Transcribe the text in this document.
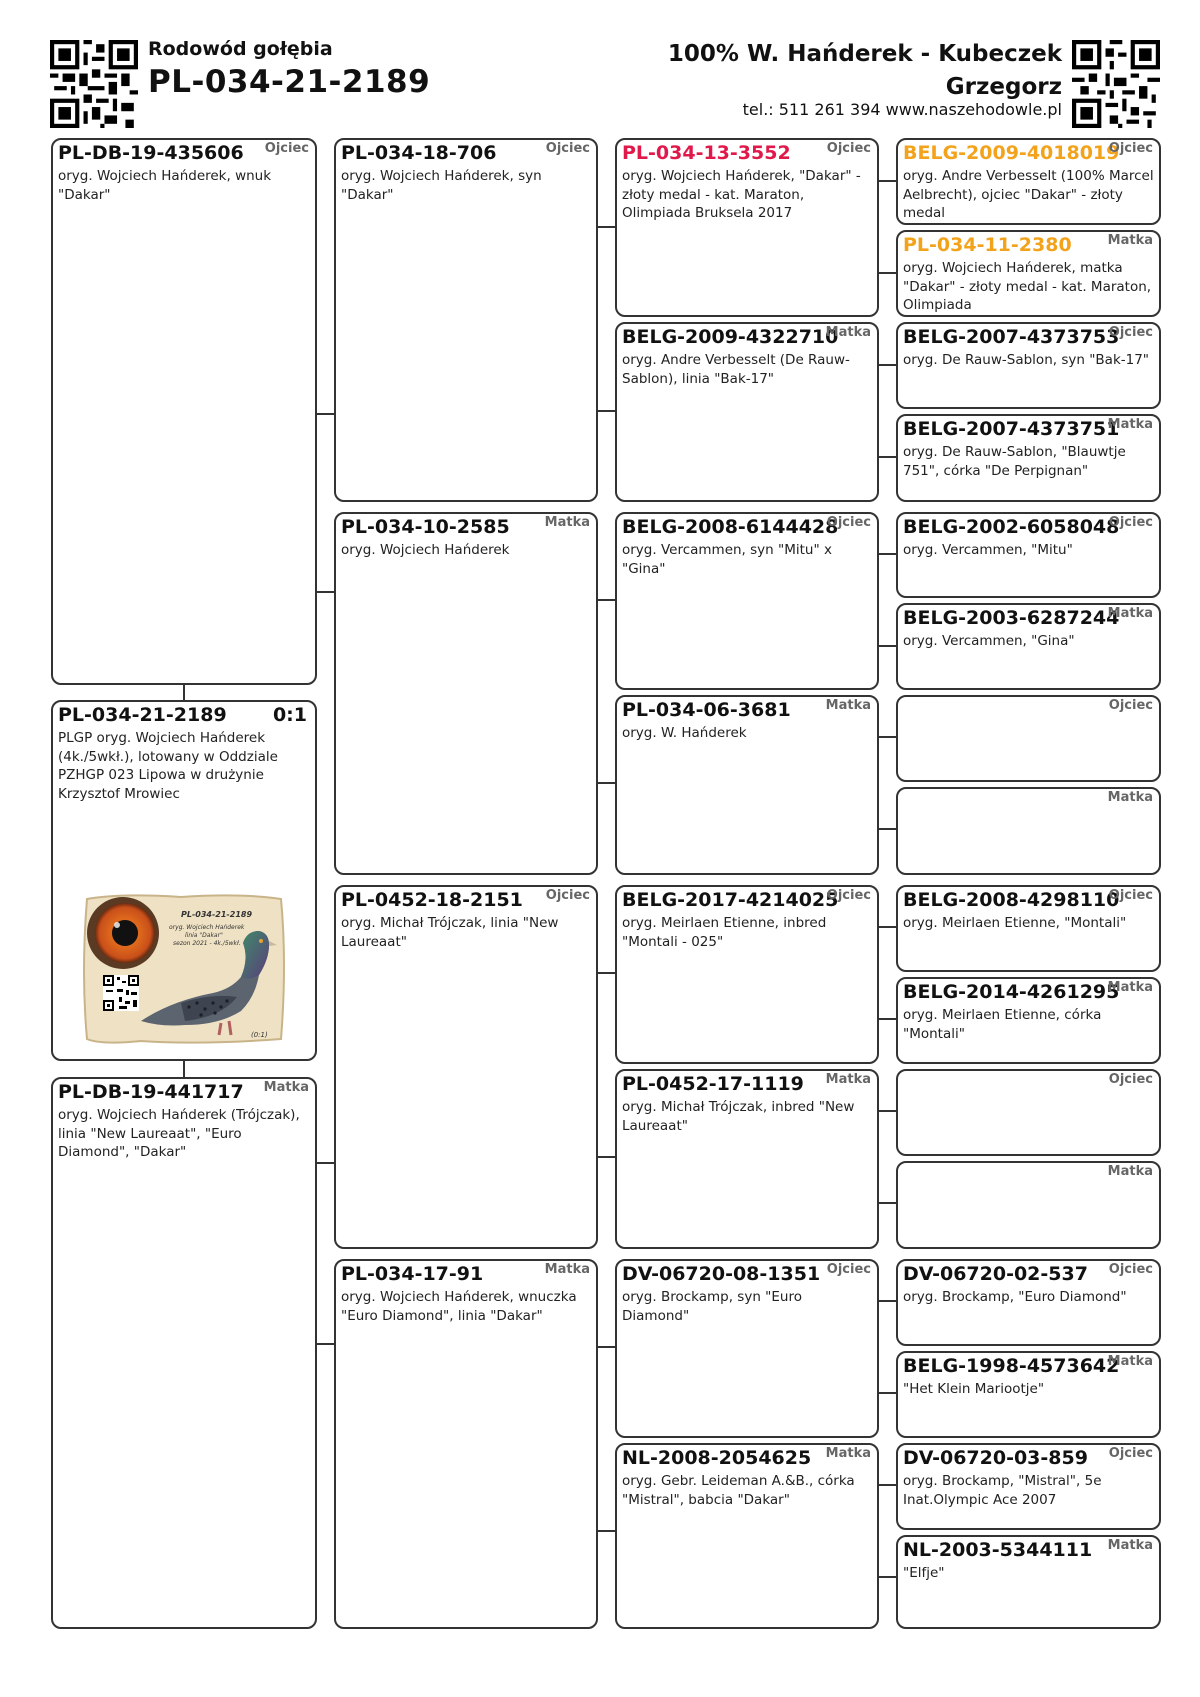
Rodowód gołębia
PL-034-21-2189
100% W. Hańderek - Kubeczek
Grzegorz
tel.: 511 261 394 www.naszehodowle.pl
PL-DB-19-435606 Ojciec
oryg. Wojciech Hańderek, wnuk "Dakar"
PL-034-21-2189 0:1
PLGP oryg. Wojciech Hańderek (4k./5wkł.), lotowany w Oddziale PZHGP 023 Lipowa w drużynie Krzysztof Mrowiec
PL-034-21-2189
oryg. Wojciech Hańderek
linia "Dakar"
sezon 2021 - 4k./5wkł.
(0:1)
PL-DB-19-441717 Matka
oryg. Wojciech Hańderek (Trójczak), linia "New Laureaat", "Euro Diamond", "Dakar"
PL-034-18-706	Ojciec
oryg. Wojciech Hańderek, syn "Dakar"
PL-034-10-2585	Matka
oryg. Wojciech Hańderek
PL-0452-18-2151 Ojciec
oryg. Michał Trójczak, linia "New Laureaat"
PL-034-17-91	Matka
oryg. Wojciech Hańderek, wnuczka "Euro Diamond", linia "Dakar"
PL-034-13-3552	Ojciec
oryg. Wojciech Hańderek, "Dakar" - złoty medal - kat. Maraton, Olimpiada Bruksela 2017
BELG-2009-4322710
Matka
oryg. Andre Verbesselt (De Rauw-Sablon), linia "Bak-17"
BELG-2008-6144428
Ojciec
oryg. Vercammen, syn "Mitu" x "Gina"
PL-034-06-3681	Matka
oryg. W. Hańderek
BELG-2017-4214025
Ojciec
oryg. Meirlaen Etienne, inbred "Montali - 025"
PL-0452-17-1119 Matka
oryg. Michał Trójczak, inbred "New Laureaat"
DV-06720-08-1351 Ojciec
oryg. Brockamp, syn "Euro Diamond"
NL-2008-2054625 Matka
oryg. Gebr. Leideman A.&B., córka "Mistral", babcia "Dakar"
BELG-2009-4018019
Ojciec
oryg. Andre Verbesselt (100% Marcel Aelbrecht), ojciec "Dakar" - złoty medal
PL-034-11-2380	Matka
oryg. Wojciech Hańderek, matka "Dakar" - złoty medal - kat. Maraton, Olimpiada
BELG-2007-4373753
Ojciec
oryg. De Rauw-Sablon, syn "Bak-17"
BELG-2007-4373751
Matka
oryg. De Rauw-Sablon, "Blauwtje 751", córka "De Perpignan"
BELG-2002-6058048
Ojciec
oryg. Vercammen, "Mitu"
BELG-2003-6287244
Matka
oryg. Vercammen, "Gina"
Ojciec
Matka
BELG-2008-4298110
Ojciec
oryg. Meirlaen Etienne, "Montali"
BELG-2014-4261295
Matka
oryg. Meirlaen Etienne, córka "Montali"
Ojciec
Matka
DV-06720-02-537 Ojciec
oryg. Brockamp, "Euro Diamond"
BELG-1998-4573642
Matka
"Het Klein Mariootje"
DV-06720-03-859 Ojciec
oryg. Brockamp, "Mistral", 5e Inat.Olympic Ace 2007
NL-2003-5344111 Matka
"Elfje"
